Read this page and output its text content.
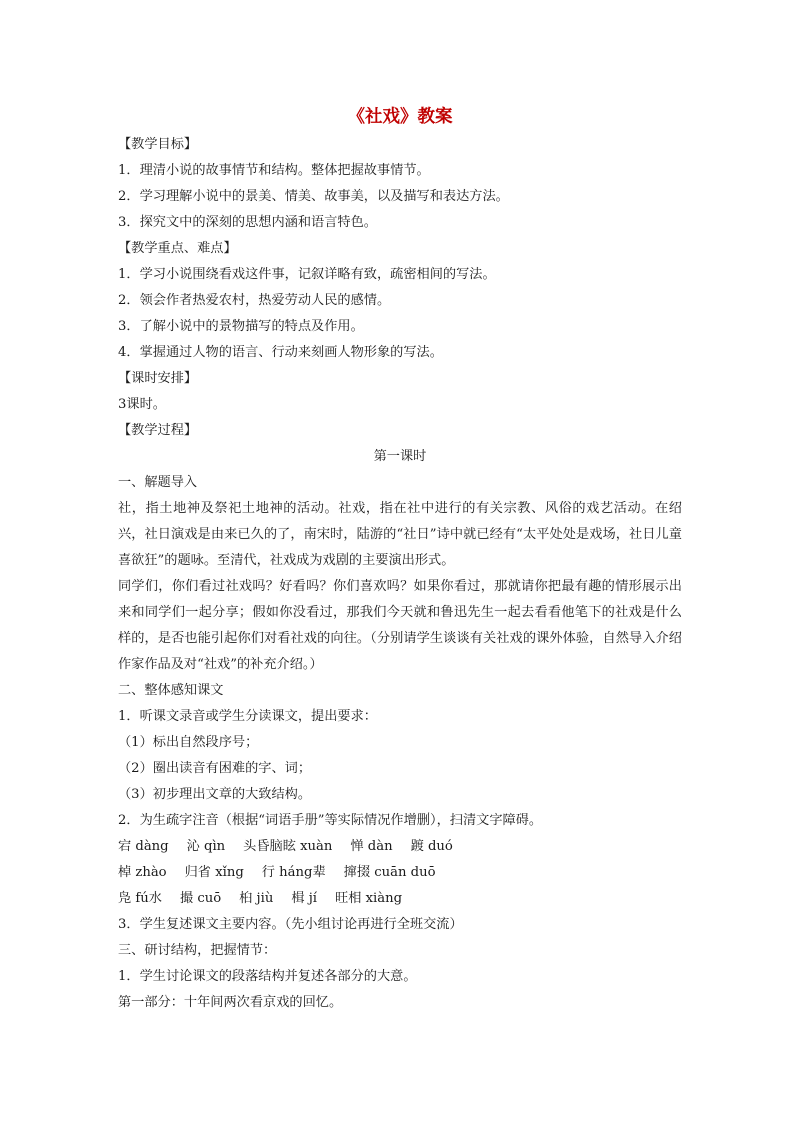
《社戏》教案
【教学目标】
1．理清小说的故事情节和结构。整体把握故事情节。
2．学习理解小说中的景美、情美、故事美，以及描写和表达方法。
3．探究文中的深刻的思想内涵和语言特色。
【教学重点、难点】
1．学习小说围绕看戏这件事，记叙详略有致，疏密相间的写法。
2．领会作者热爱农村，热爱劳动人民的感情。
3．了解小说中的景物描写的特点及作用。
4．掌握通过人物的语言、行动来刻画人物形象的写法。
【课时安排】
3课时。
【教学过程】
第一课时
一、解题导入
社，指土地神及祭祀土地神的活动。社戏，指在社中进行的有关宗教、风俗的戏艺活动。在绍兴，社日演戏是由来已久的了，南宋时，陆游的“社日”诗中就已经有“太平处处是戏场，社日儿童喜欲狂”的题咏。至清代，社戏成为戏剧的主要演出形式。
同学们，你们看过社戏吗？好看吗？你们喜欢吗？如果你看过，那就请你把最有趣的情形展示出来和同学们一起分享；假如你没看过，那我们今天就和鲁迅先生一起去看看他笔下的社戏是什么样的，是否也能引起你们对看社戏的向往。（分别请学生谈谈有关社戏的课外体验，自然导入介绍作家作品及对“社戏”的补充介绍。）
二、整体感知课文
1．听课文录音或学生分读课文，提出要求：
（1）标出自然段序号；
（2）圈出读音有困难的字、词；
（3）初步理出文章的大致结构。
2．为生疏字注音（根据“词语手册”等实际情况作增删），扫清文字障碍。
宕 dàng 沁 qìn 头昏脑眩 xuàn 惮 dàn 踱 duó
棹 zhào 归省 xǐng 行 háng辈 撺掇 cuān duō
凫 fú水 撮 cuō 桕 jiù 楫 jí 旺相 xiàng
3．学生复述课文主要内容。（先小组讨论再进行全班交流）
三、研讨结构，把握情节：
1．学生讨论课文的段落结构并复述各部分的大意。
第一部分：十年间两次看京戏的回忆。
